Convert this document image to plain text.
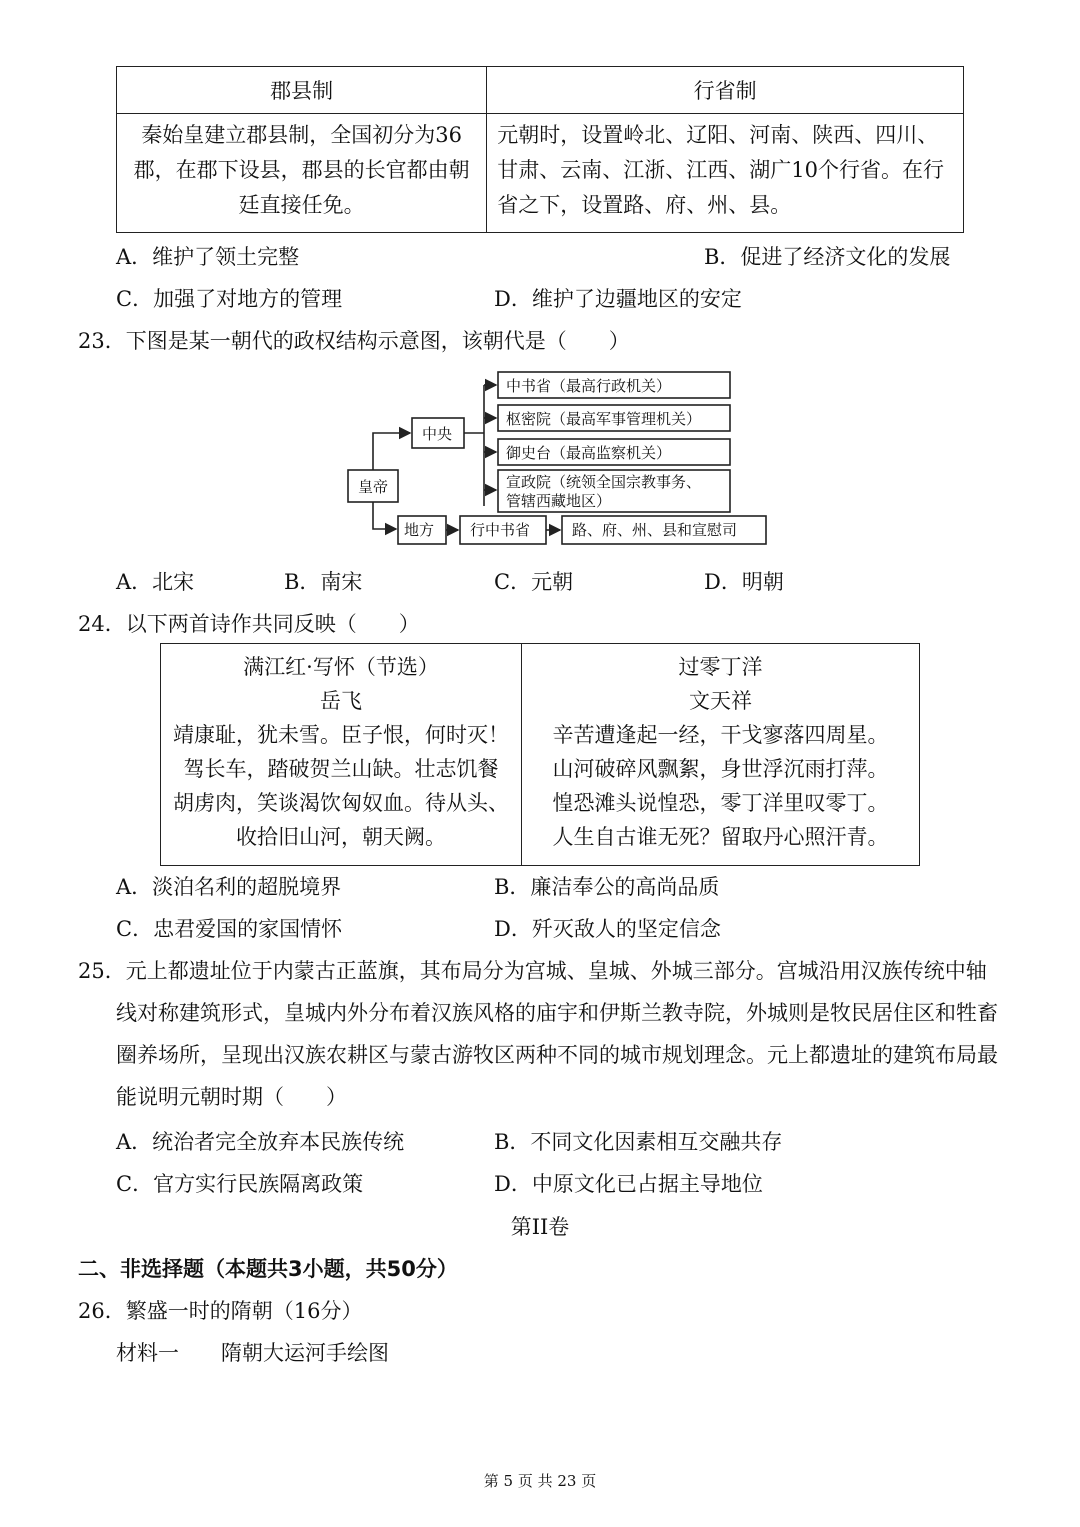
郡县制	行省制
秦始皇建立郡县制，全国初分为36郡，在郡下设县，郡县的长官都由朝廷直接任免。	元朝时，设置岭北、辽阳、河南、陕西、四川、甘肃、云南、江浙、江西、湖广10个行省。在行省之下，设置路、府、州、县。
A．维护了领土完整	B．促进了经济文化的发展
C．加强了对地方的管理	D．维护了边疆地区的安定
23．下图是某一朝代的政权结构示意图，该朝代是（　　）
皇帝
中央
中书省（最高行政机关）
枢密院（最高军事管理机关）
御史台（最高监察机关）
宣政院（统领全国宗教事务、
管辖西藏地区）
地方 行中书省	路、府、州、县和宣慰司
A．北宋	B．南宋	C．元朝	D．明朝
24．以下两首诗作共同反映（　　）
满江红·写怀（节选）
岳飞
靖康耻，犹未雪。臣子恨，何时灭！
驾长车，踏破贺兰山缺。壮志饥餐
胡虏肉，笑谈渴饮匈奴血。待从头、
收拾旧山河，朝天阙。

过零丁洋
文天祥
辛苦遭逢起一经，干戈寥落四周星。
山河破碎风飘絮，身世浮沉雨打萍。
惶恐滩头说惶恐，零丁洋里叹零丁。
人生自古谁无死？留取丹心照汗青。
A．淡泊名利的超脱境界	B．廉洁奉公的高尚品质
C．忠君爱国的家国情怀	D．歼灭敌人的坚定信念
25．元上都遗址位于内蒙古正蓝旗，其布局分为宫城、皇城、外城三部分。宫城沿用汉族传统中轴线对称建筑形式，皇城内外分布着汉族风格的庙宇和伊斯兰教寺院，外城则是牧民居住区和牲畜圈养场所，呈现出汉族农耕区与蒙古游牧区两种不同的城市规划理念。元上都遗址的建筑布局最能说明元朝时期（　　）
A．统治者完全放弃本民族传统	B．不同文化因素相互交融共存
C．官方实行民族隔离政策	D．中原文化已占据主导地位
第II卷
二、非选择题（本题共3小题，共50分）
26．繁盛一时的隋朝（16分）
材料一　　隋朝大运河手绘图
第 5 页 共 23 页
